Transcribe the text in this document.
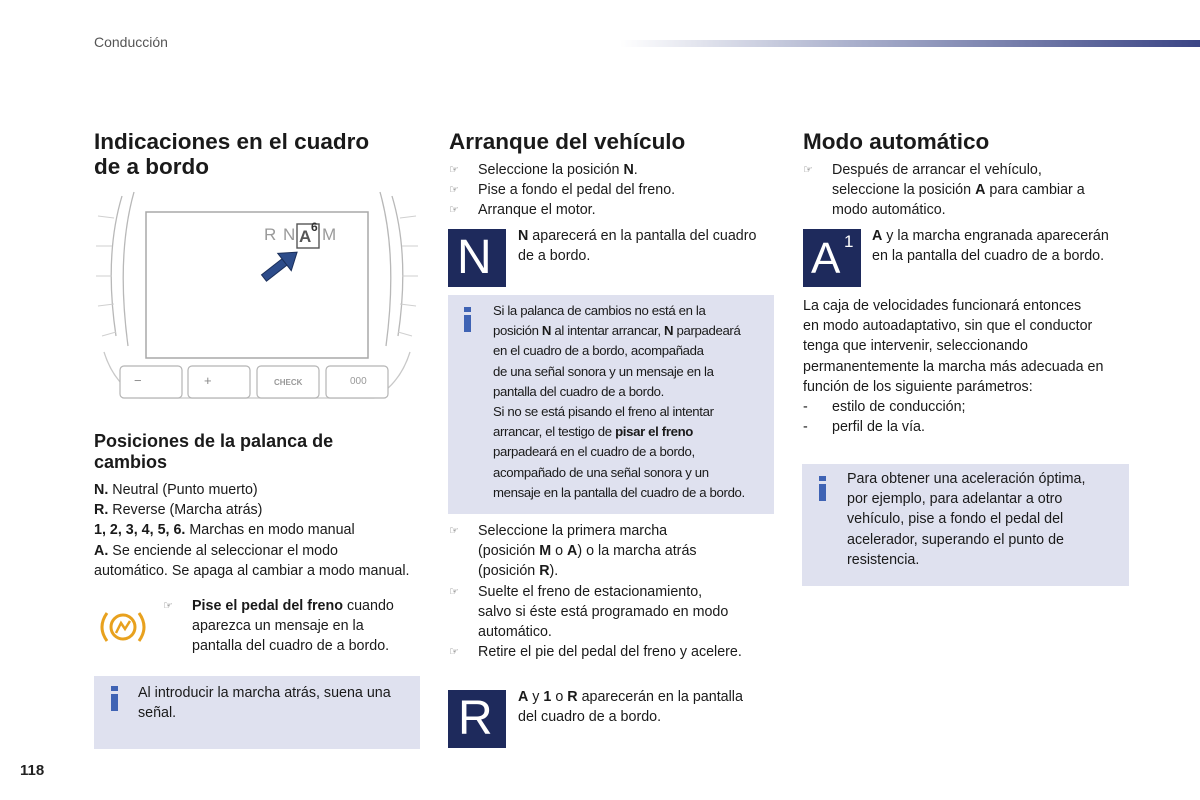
Conducción
Indicaciones en el cuadro
de a bordo
R N A 6 M
−	+	CHECK	000
Posiciones de la palanca de
cambios
N. Neutral (Punto muerto)
R. Reverse (Marcha atrás)
1, 2, 3, 4, 5, 6. Marchas en modo manual
A. Se enciende al seleccionar el modo
automático. Se apaga al cambiar a modo manual.
☞ Pise el pedal del freno cuando
aparezca un mensaje en la
pantalla del cuadro de a bordo.
Al introducir la marcha atrás, suena una
señal.
Arranque del vehículo
☞ Seleccione la posición N.
☞ Pise a fondo el pedal del freno.
☞ Arranque el motor.
N N aparecerá en la pantalla del cuadro
de a bordo.
Si la palanca de cambios no está en la
posición N al intentar arrancar, N parpadeará
en el cuadro de a bordo, acompañada
de una señal sonora y un mensaje en la
pantalla del cuadro de a bordo.
Si no se está pisando el freno al intentar
arrancar, el testigo de pisar el freno
parpadeará en el cuadro de a bordo,
acompañado de una señal sonora y un
mensaje en la pantalla del cuadro de a bordo.
☞ Seleccione la primera marcha
(posición M o A) o la marcha atrás
(posición R).
☞ Suelte el freno de estacionamiento,
salvo si éste está programado en modo
automático.
☞ Retire el pie del pedal del freno y acelere.
R A y 1 o R aparecerán en la pantalla
del cuadro de a bordo.
Modo automático
☞ Después de arrancar el vehículo,
seleccione la posición A para cambiar a
modo automático.
A 1 A y la marcha engranada aparecerán
en la pantalla del cuadro de a bordo.
La caja de velocidades funcionará entonces
en modo autoadaptativo, sin que el conductor
tenga que intervenir, seleccionando
permanentemente la marcha más adecuada en
función de los siguiente parámetros:
- estilo de conducción;
- perfil de la vía.
Para obtener una aceleración óptima,
por ejemplo, para adelantar a otro
vehículo, pise a fondo el pedal del
acelerador, superando el punto de
resistencia.
118
